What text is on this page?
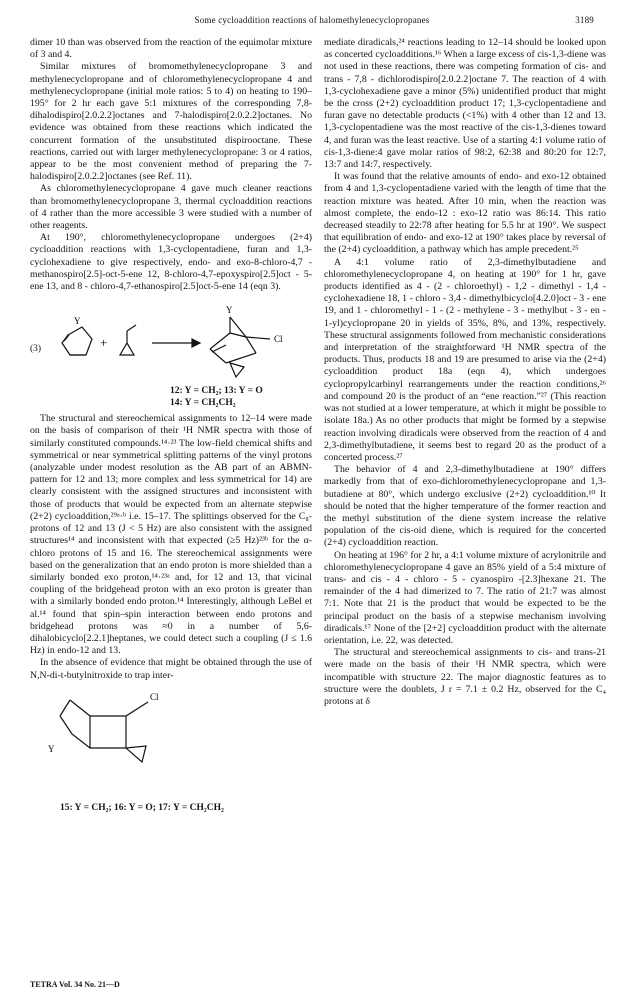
Some cycloaddition reactions of halomethylenecyclopropanes	3189

dimer 10 than was observed from the reaction of the equimolar mixture of 3 and 4.

Similar mixtures of bromomethylenecyclopropane 3 and methylenecyclopropane and of chloromethylenecyclopropane 4 and methylenecyclopropane (initial mole ratios: 5 to 4) on heating to 190–195° for 2 hr each gave 5:1 mixtures of the corresponding 7,8-dihalodispiro[2.0.2.2]octanes and 7-halodispiro[2.0.2.2]octanes. No evidence was obtained from these reactions which indicated the concurrent formation of the unsubstituted dispirooctane. These reactions, carried out with larger methylenecyclopropane: 3 or 4 ratios, appear to be the most convenient method of preparing the 7-halodispiro[2.0.2.2]octanes (see Ref. 11).

As chloromethylenecyclopropane 4 gave much cleaner reactions than bromomethylenecyclopropane 3, thermal cycloaddition reactions of 4 rather than the more accessible 3 were studied with a number of other reagents.

At 190°, chloromethylenecyclopropane undergoes (2+4) cycloaddition reactions with 1,3-cyclopentadiene, furan and 1,3-cyclohexadiene to give respectively, endo- and exo-8-chloro-4,7 - methanospiro[2.5]-oct-5-ene 12, 8-chloro-4,7-epoxyspiro[2.5]oct - 5-ene 13, and 8 - chloro-4,7-ethanospiro[2.5]oct-5-ene 14 (eqn 3).

(3)
Y
+
Y
Cl
12: Y = CH₂; 13: Y = O
14: Y = CH₂CH₂

The structural and stereochemical assignments to 12–14 were made on the basis of comparison of their ¹H NMR spectra with those of similarly constituted compounds.¹⁴·²³ The low-field chemical shifts and symmetrical or near symmetrical splitting patterns of the vinyl protons (analyzable under modest resolution as the AB part of an ABMN-pattern for 12 and 13; more complex and less symmetrical for 14) are clearly consistent with the assigned structures and inconsistent with those of products that would be expected from an alternate stepwise (2+2) cycloaddition,²⁹ᵃ·ᵇ i.e. 15–17. The splittings observed for the C₈-protons of 12 and 13 (J < 5 Hz) are also consistent with the assigned structures¹⁴ and inconsistent with that expected (≥5 Hz)²³ᵇ for the α-chloro protons of 15 and 16. The stereochemical assignments were based on the generalization that an endo proton is more shielded than a similarly bonded exo proton,¹⁴·²³ᵃ and, for 12 and 13, that vicinal coupling of the bridgehead proton with an exo proton is greater than with a similarly bonded endo proton.¹⁴ Interestingly, although LeBel et al.¹⁴ found that spin–spin interaction between endo protons and bridgehead protons was ≈0 in a number of 5,6-dihalobicyclo[2.2.1]heptanes, we could detect such a coupling (J ≤ 1.6 Hz) in endo-12 and 13.

In the absence of evidence that might be obtained through the use of N,N-di-t-butylnitroxide to trap inter-

Cl
Y
15: Y = CH₂; 16: Y = O; 17: Y = CH₂CH₂

mediate diradicals,²⁴ reactions leading to 12–14 should be looked upon as concerted cycloadditions.¹⁶ When a large excess of cis-1,3-diene was not used in these reactions, there was competing formation of cis- and trans - 7,8 - dichlorodispiro[2.0.2.2]octane 7. The reaction of 4 with 1,3-cyclohexadiene gave a minor (5%) unidentified product that might be the cross (2+2) cycloaddition product 17; 1,3-cyclopentadiene and furan gave no detectable products (<1%) with 4 other than 12 and 13. 1,3-cyclopentadiene was the most reactive of the cis-1,3-dienes toward 4, and furan was the least reactive. Use of a starting 4:1 volume ratio of cis-1,3-diene:4 gave molar ratios of 98:2, 62:38 and 80:20 for 12:7, 13:7 and 14:7, respectively.

It was found that the relative amounts of endo- and exo-12 obtained from 4 and 1,3-cyclopentadiene varied with the length of time that the reaction mixture was heated. After 10 min, when the reaction was almost complete, the endo-12 : exo-12 ratio was 86:14. This ratio decreased steadily to 22:78 after heating for 5.5 hr at 190°. We suspect that equilibration of endo- and exo-12 at 190° takes place by reversal of the (2+4) cycloaddition, a pathway which has ample precedent.²⁵

A 4:1 volume ratio of 2,3-dimethylbutadiene and chloromethylenecyclopropane 4, on heating at 190° for 1 hr, gave products identified as 4 - (2 - chloroethyl) - 1,2 - dimethyl - 1,4 - cyclohexadiene 18, 1 - chloro - 3,4 - dimethylbicyclo[4.2.0]oct - 3 - ene 19, and 1 - chloromethyl - 1 - (2 - methylene - 3 - methylbut - 3 - en - 1-yl)cyclopropane 20 in yields of 35%, 8%, and 13%, respectively. These structural assignments followed from mechanistic considerations and interpretation of the straightforward ¹H NMR spectra of the products. Thus, products 18 and 19 are presumed to arise via the (2+4) cycloaddition product 18a (eqn 4), which undergoes cyclopropylcarbinyl rearrangements under the reaction conditions,²⁶ and compound 20 is the product of an “ene reaction.”²⁷ (This reaction was not studied at a lower temperature, at which it might be possible to isolate 18a.) As no other products that might be formed by a stepwise reaction involving diradicals were observed from the reaction of 4 and 2,3-dimethylbutadiene, it seems best to regard 20 as the product of a concerted process.²⁷

The behavior of 4 and 2,3-dimethylbutadiene at 190° differs markedly from that of exo-dichloromethylenecyclopropane and 1,3-butadiene at 80°, which undergo exclusive (2+2) cycloaddition.¹⁰ It should be noted that the higher temperature of the former reaction and the methyl substitution of the diene system increase the relative population of the cis-oid diene, which is required for the concerted (2+4) cycloaddition reaction.

On heating at 196° for 2 hr, a 4:1 volume mixture of acrylonitrile and chloromethylenecyclopropane 4 gave an 85% yield of a 5:4 mixture of trans- and cis - 4 - chloro - 5 - cyanospiro -[2.3]hexane 21. The remainder of the 4 had dimerized to 7. The ratio of 21:7 was almost 7:1. Note that 21 is the product that would be expected to be the principal product on the basis of a stepwise mechanism involving diradicals.¹⁷ None of the [2+2] cycloaddition product with the alternate orientation, i.e. 22, was detected.

The structural and stereochemical assignments to cis- and trans-21 were made on the basis of their ¹H NMR spectra, which were incompatible with structure 22. The major diagnostic features as to structure were the doublets, J r = 7.1 ± 0.2 Hz, observed for the C₄ protons at δ

TETRA Vol. 34 No. 21—D
